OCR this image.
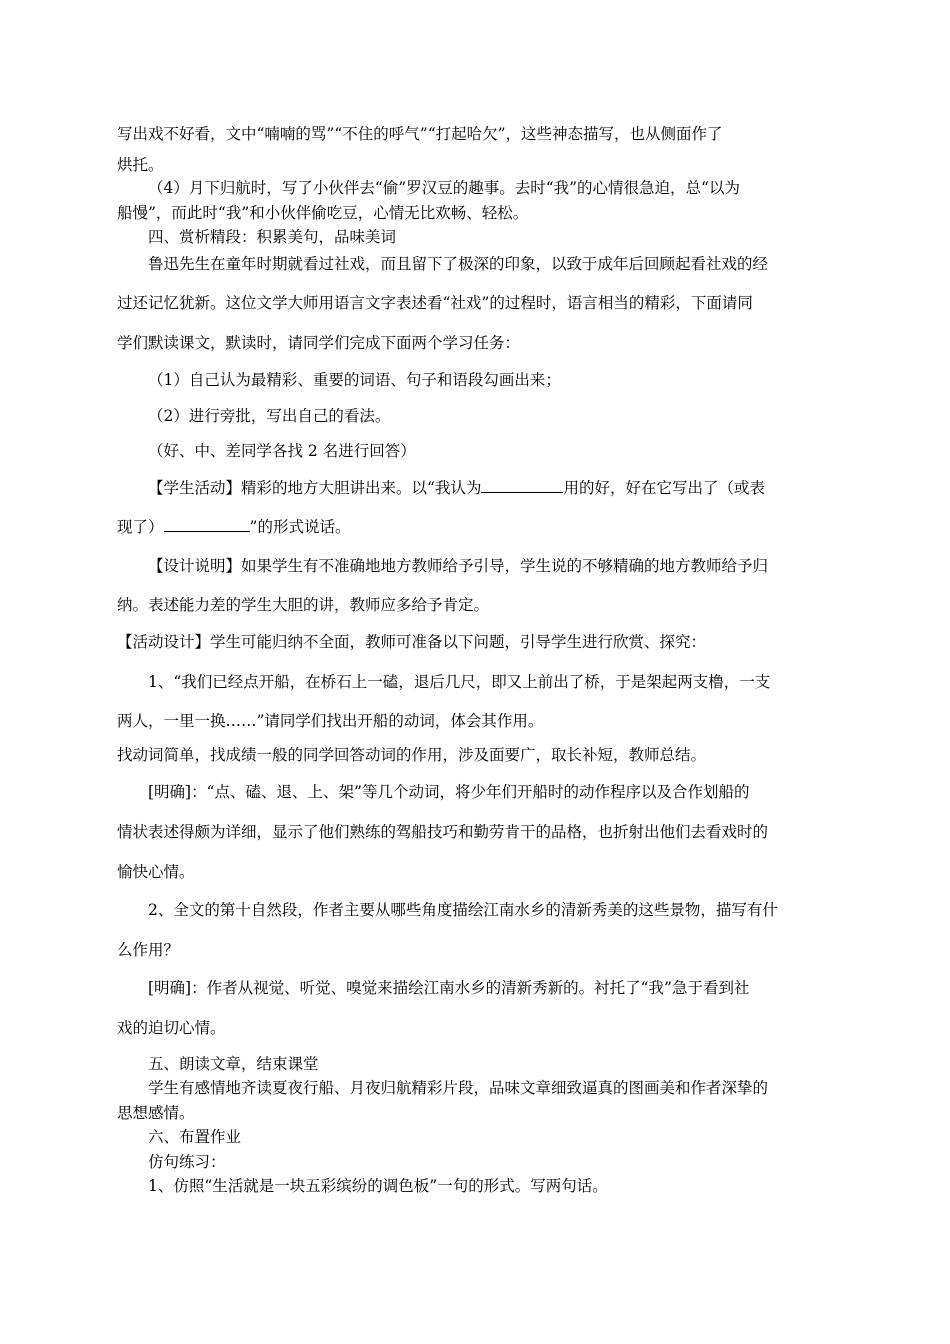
写出戏不好看，文中“喃喃的骂”“不住的呼气”“打起哈欠”，这些神态描写，也从侧面作了
烘托。
（4）月下归航时，写了小伙伴去“偷”罗汉豆的趣事。去时“我”的心情很急迫，总“以为
船慢”，而此时“我”和小伙伴偷吃豆，心情无比欢畅、轻松。
四、赏析精段：积累美句，品味美词
鲁迅先生在童年时期就看过社戏，而且留下了极深的印象，以致于成年后回顾起看社戏的经
过还记忆犹新。这位文学大师用语言文字表述看“社戏”的过程时，语言相当的精彩，下面请同
学们默读课文，默读时，请同学们完成下面两个学习任务：
（1）自己认为最精彩、重要的词语、句子和语段勾画出来；
（2）进行旁批，写出自己的看法。
（好、中、差同学各找 2 名进行回答）
【学生活动】精彩的地方大胆讲出来。以“我认为	用的好，好在它写出了（或表
现了）	”的形式说话。
【设计说明】如果学生有不准确地地方教师给予引导，学生说的不够精确的地方教师给予归
纳。表述能力差的学生大胆的讲，教师应多给予肯定。
【活动设计】学生可能归纳不全面，教师可准备以下问题，引导学生进行欣赏、探究：
1、“我们已经点开船，在桥石上一磕，退后几尺，即又上前出了桥，于是架起两支橹，一支
两人，一里一换……”请同学们找出开船的动词，体会其作用。
找动词简单，找成绩一般的同学回答动词的作用，涉及面要广，取长补短，教师总结。
[明确]：“点、磕、退、上、架”等几个动词，将少年们开船时的动作程序以及合作划船的
情状表述得颇为详细，显示了他们熟练的驾船技巧和勤劳肯干的品格，也折射出他们去看戏时的
愉快心情。
2、全文的第十自然段，作者主要从哪些角度描绘江南水乡的清新秀美的这些景物，描写有什
么作用？
[明确]：作者从视觉、听觉、嗅觉来描绘江南水乡的清新秀新的。衬托了“我”急于看到社
戏的迫切心情。
五、朗读文章，结束课堂
学生有感情地齐读夏夜行船、月夜归航精彩片段，品味文章细致逼真的图画美和作者深挚的
思想感情。
六、布置作业
仿句练习：
1、仿照“生活就是一块五彩缤纷的调色板”一句的形式。写两句话。
